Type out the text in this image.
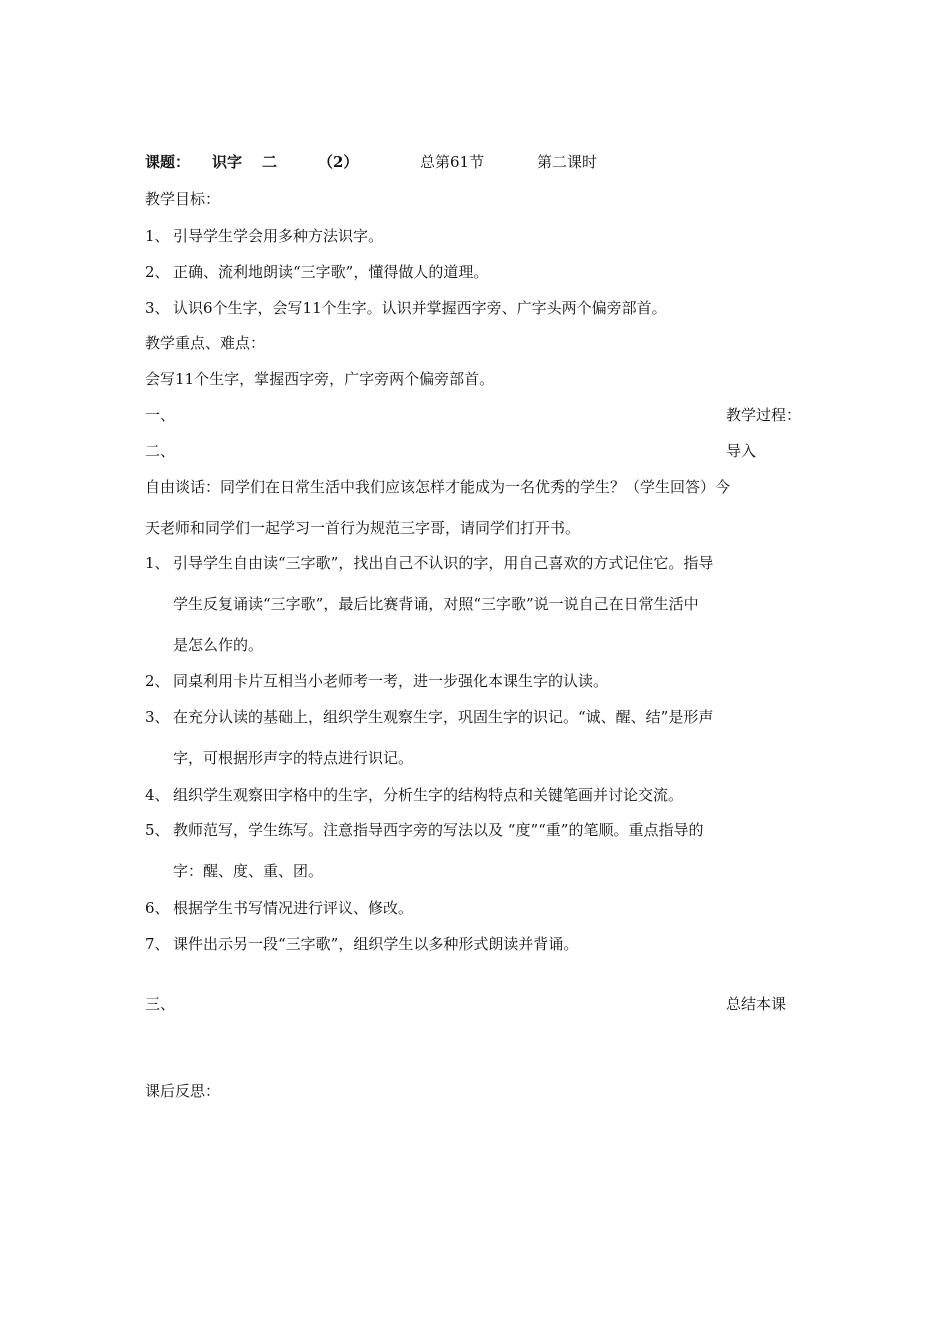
课题： 识字 二	（2）	总第61节	第二课时
教学目标：
1、 引导学生学会用多种方法识字。
2、 正确、流利地朗读“三字歌”，懂得做人的道理。
3、 认识6个生字，会写11个生字。认识并掌握西字旁、广字头两个偏旁部首。
教学重点、难点：
会写11个生字，掌握西字旁，广字旁两个偏旁部首。
一、	教学过程：
二、	导入
自由谈话：同学们在日常生活中我们应该怎样才能成为一名优秀的学生？（学生回答）今
天老师和同学们一起学习一首行为规范三字哥，请同学们打开书。
1、 引导学生自由读“三字歌”，找出自己不认识的字，用自己喜欢的方式记住它。指导
学生反复诵读“三字歌”，最后比赛背诵，对照“三字歌”说一说自己在日常生活中
是怎么作的。
2、 同桌利用卡片互相当小老师考一考，进一步强化本课生字的认读。
3、 在充分认读的基础上，组织学生观察生字，巩固生字的识记。“诚、醒、结”是形声
字，可根据形声字的特点进行识记。
4、 组织学生观察田字格中的生字，分析生字的结构特点和关键笔画并讨论交流。
5、 教师范写，学生练写。注意指导西字旁的写法以及 “度”“重”的笔顺。重点指导的
字：醒、度、重、团。
6、 根据学生书写情况进行评议、修改。
7、 课件出示另一段“三字歌”，组织学生以多种形式朗读并背诵。
三、	总结本课
课后反思：
